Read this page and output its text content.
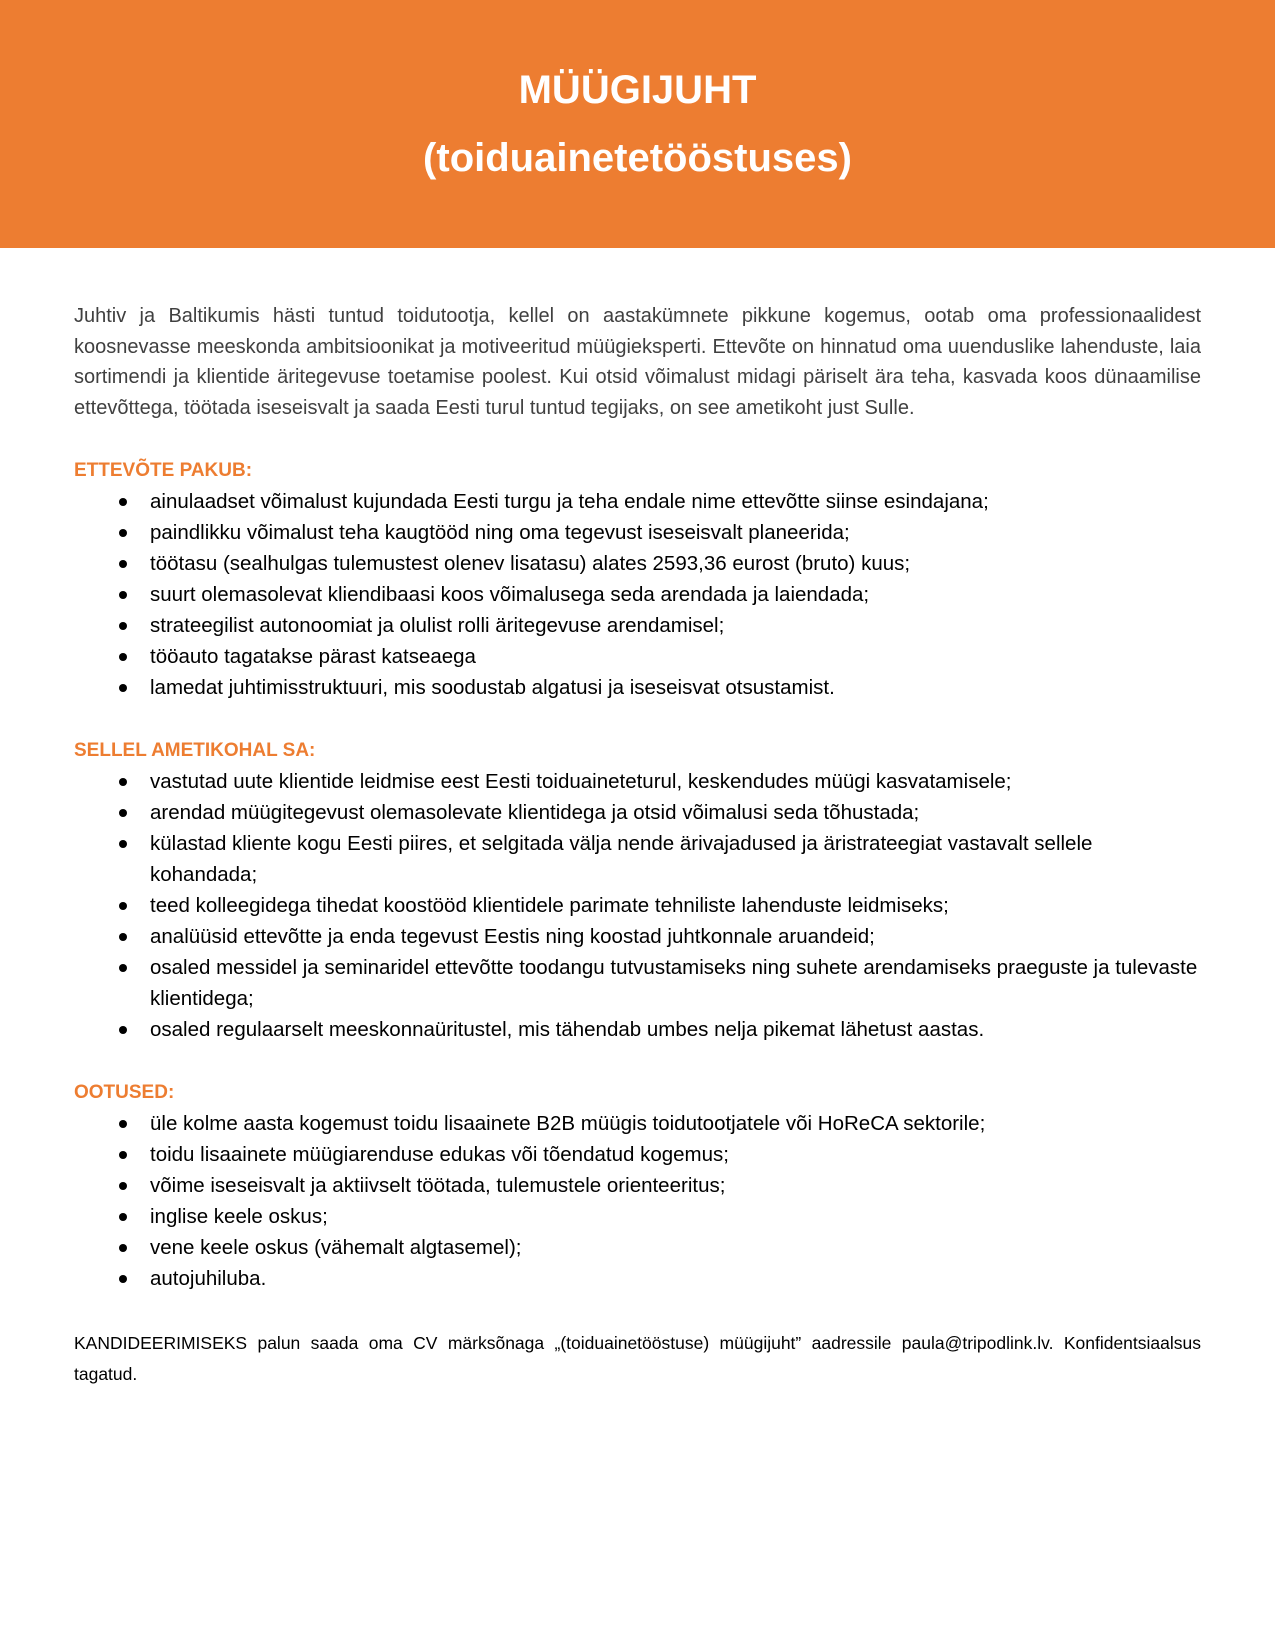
MÜÜGIJUHT
(toiduainetetööstuses)

Juhtiv ja Baltikumis hästi tuntud toidutootja, kellel on aastakümnete pikkune kogemus, ootab oma professionaalidest koosnevasse meeskonda ambitsioonikat ja motiveeritud müügieksperti. Ettevõte on hinnatud oma uuenduslike lahenduste, laia sortimendi ja klientide äritegevuse toetamise poolest. Kui otsid võimalust midagi päriselt ära teha, kasvada koos dünaamilise ettevõttega, töötada iseseisvalt ja saada Eesti turul tuntud tegijaks, on see ametikoht just Sulle.

ETTEVÕTE PAKUB:
ainulaadset võimalust kujundada Eesti turgu ja teha endale nime ettevõtte siinse esindajana;
paindlikku võimalust teha kaugtööd ning oma tegevust iseseisvalt planeerida;
töötasu (sealhulgas tulemustest olenev lisatasu) alates 2593,36 eurost (bruto) kuus;
suurt olemasolevat kliendibaasi koos võimalusega seda arendada ja laiendada;
strateegilist autonoomiat ja olulist rolli äritegevuse arendamisel;
tööauto tagatakse pärast katseaega
lamedat juhtimisstruktuuri, mis soodustab algatusi ja iseseisvat otsustamist.
SELLEL AMETIKOHAL SA:
vastutad uute klientide leidmise eest Eesti toiduaineteturul, keskendudes müügi kasvatamisele;
arendad müügitegevust olemasolevate klientidega ja otsid võimalusi seda tõhustada;
külastad kliente kogu Eesti piires, et selgitada välja nende ärivajadused ja äristrateegiat vastavalt sellele kohandada;
teed kolleegidega tihedat koostööd klientidele parimate tehniliste lahenduste leidmiseks;
analüüsid ettevõtte ja enda tegevust Eestis ning koostad juhtkonnale aruandeid;
osaled messidel ja seminaridel ettevõtte toodangu tutvustamiseks ning suhete arendamiseks praeguste ja tulevaste klientidega;
osaled regulaarselt meeskonnaüritustel, mis tähendab umbes nelja pikemat lähetust aastas.
OOTUSED:
üle kolme aasta kogemust toidu lisaainete B2B müügis toidutootjatele või HoReCA sektorile;
toidu lisaainete müügiarenduse edukas või tõendatud kogemus;
võime iseseisvalt ja aktiivselt töötada, tulemustele orienteeritus;
inglise keele oskus;
vene keele oskus (vähemalt algtasemel);
autojuhiluba.

KANDIDEERIMISEKS palun saada oma CV märksõnaga „(toiduainetööstuse) müügijuht” aadressile paula@tripodlink.lv. Konfidentsiaalsus tagatud.
